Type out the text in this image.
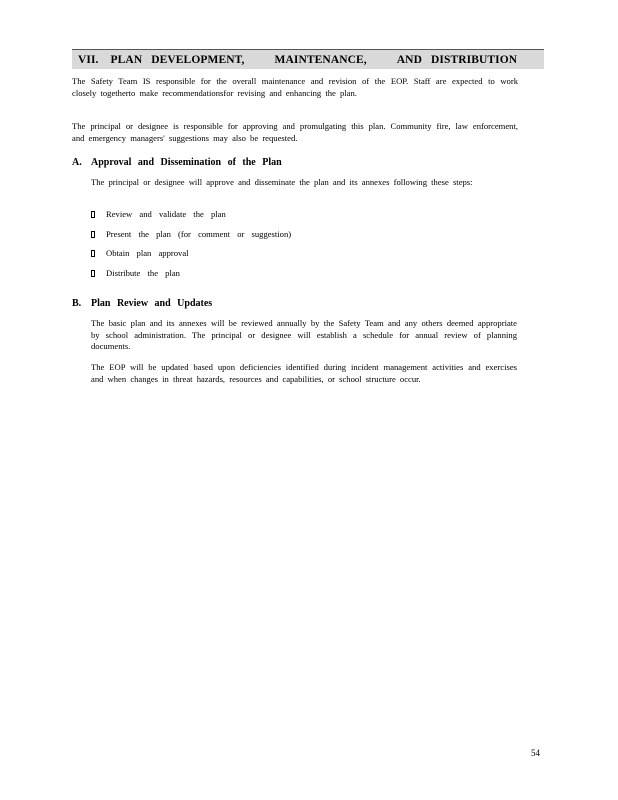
VII. PLAN DEVELOPMENT,	MAINTENANCE,	AND DISTRIBUTION
The Safety Team IS responsible for the overall maintenance and revision of the EOP. Staff are expected to work closely togetherto make recommendationsfor revising and enhancing the plan.
The principal or designee is responsible for approving and promulgating this plan. Community fire, law enforcement, and emergency managers' suggestions may also be requested.
A. Approval and Dissemination of the Plan
The principal or designee will approve and disseminate the plan and its annexes following these steps:
Review and validate the plan
Present the plan (for comment or suggestion)
Obtain plan approval
Distribute the plan
B. Plan Review and Updates
The basic plan and its annexes will be reviewed annually by the Safety Team and any others deemed appropriate by school administration. The principal or designee will establish a schedule for annual review of planning documents.
The EOP will be updated based upon deficiencies identified during incident management activities and exercises and when changes in threat hazards, resources and capabilities, or school structure occur.
54
